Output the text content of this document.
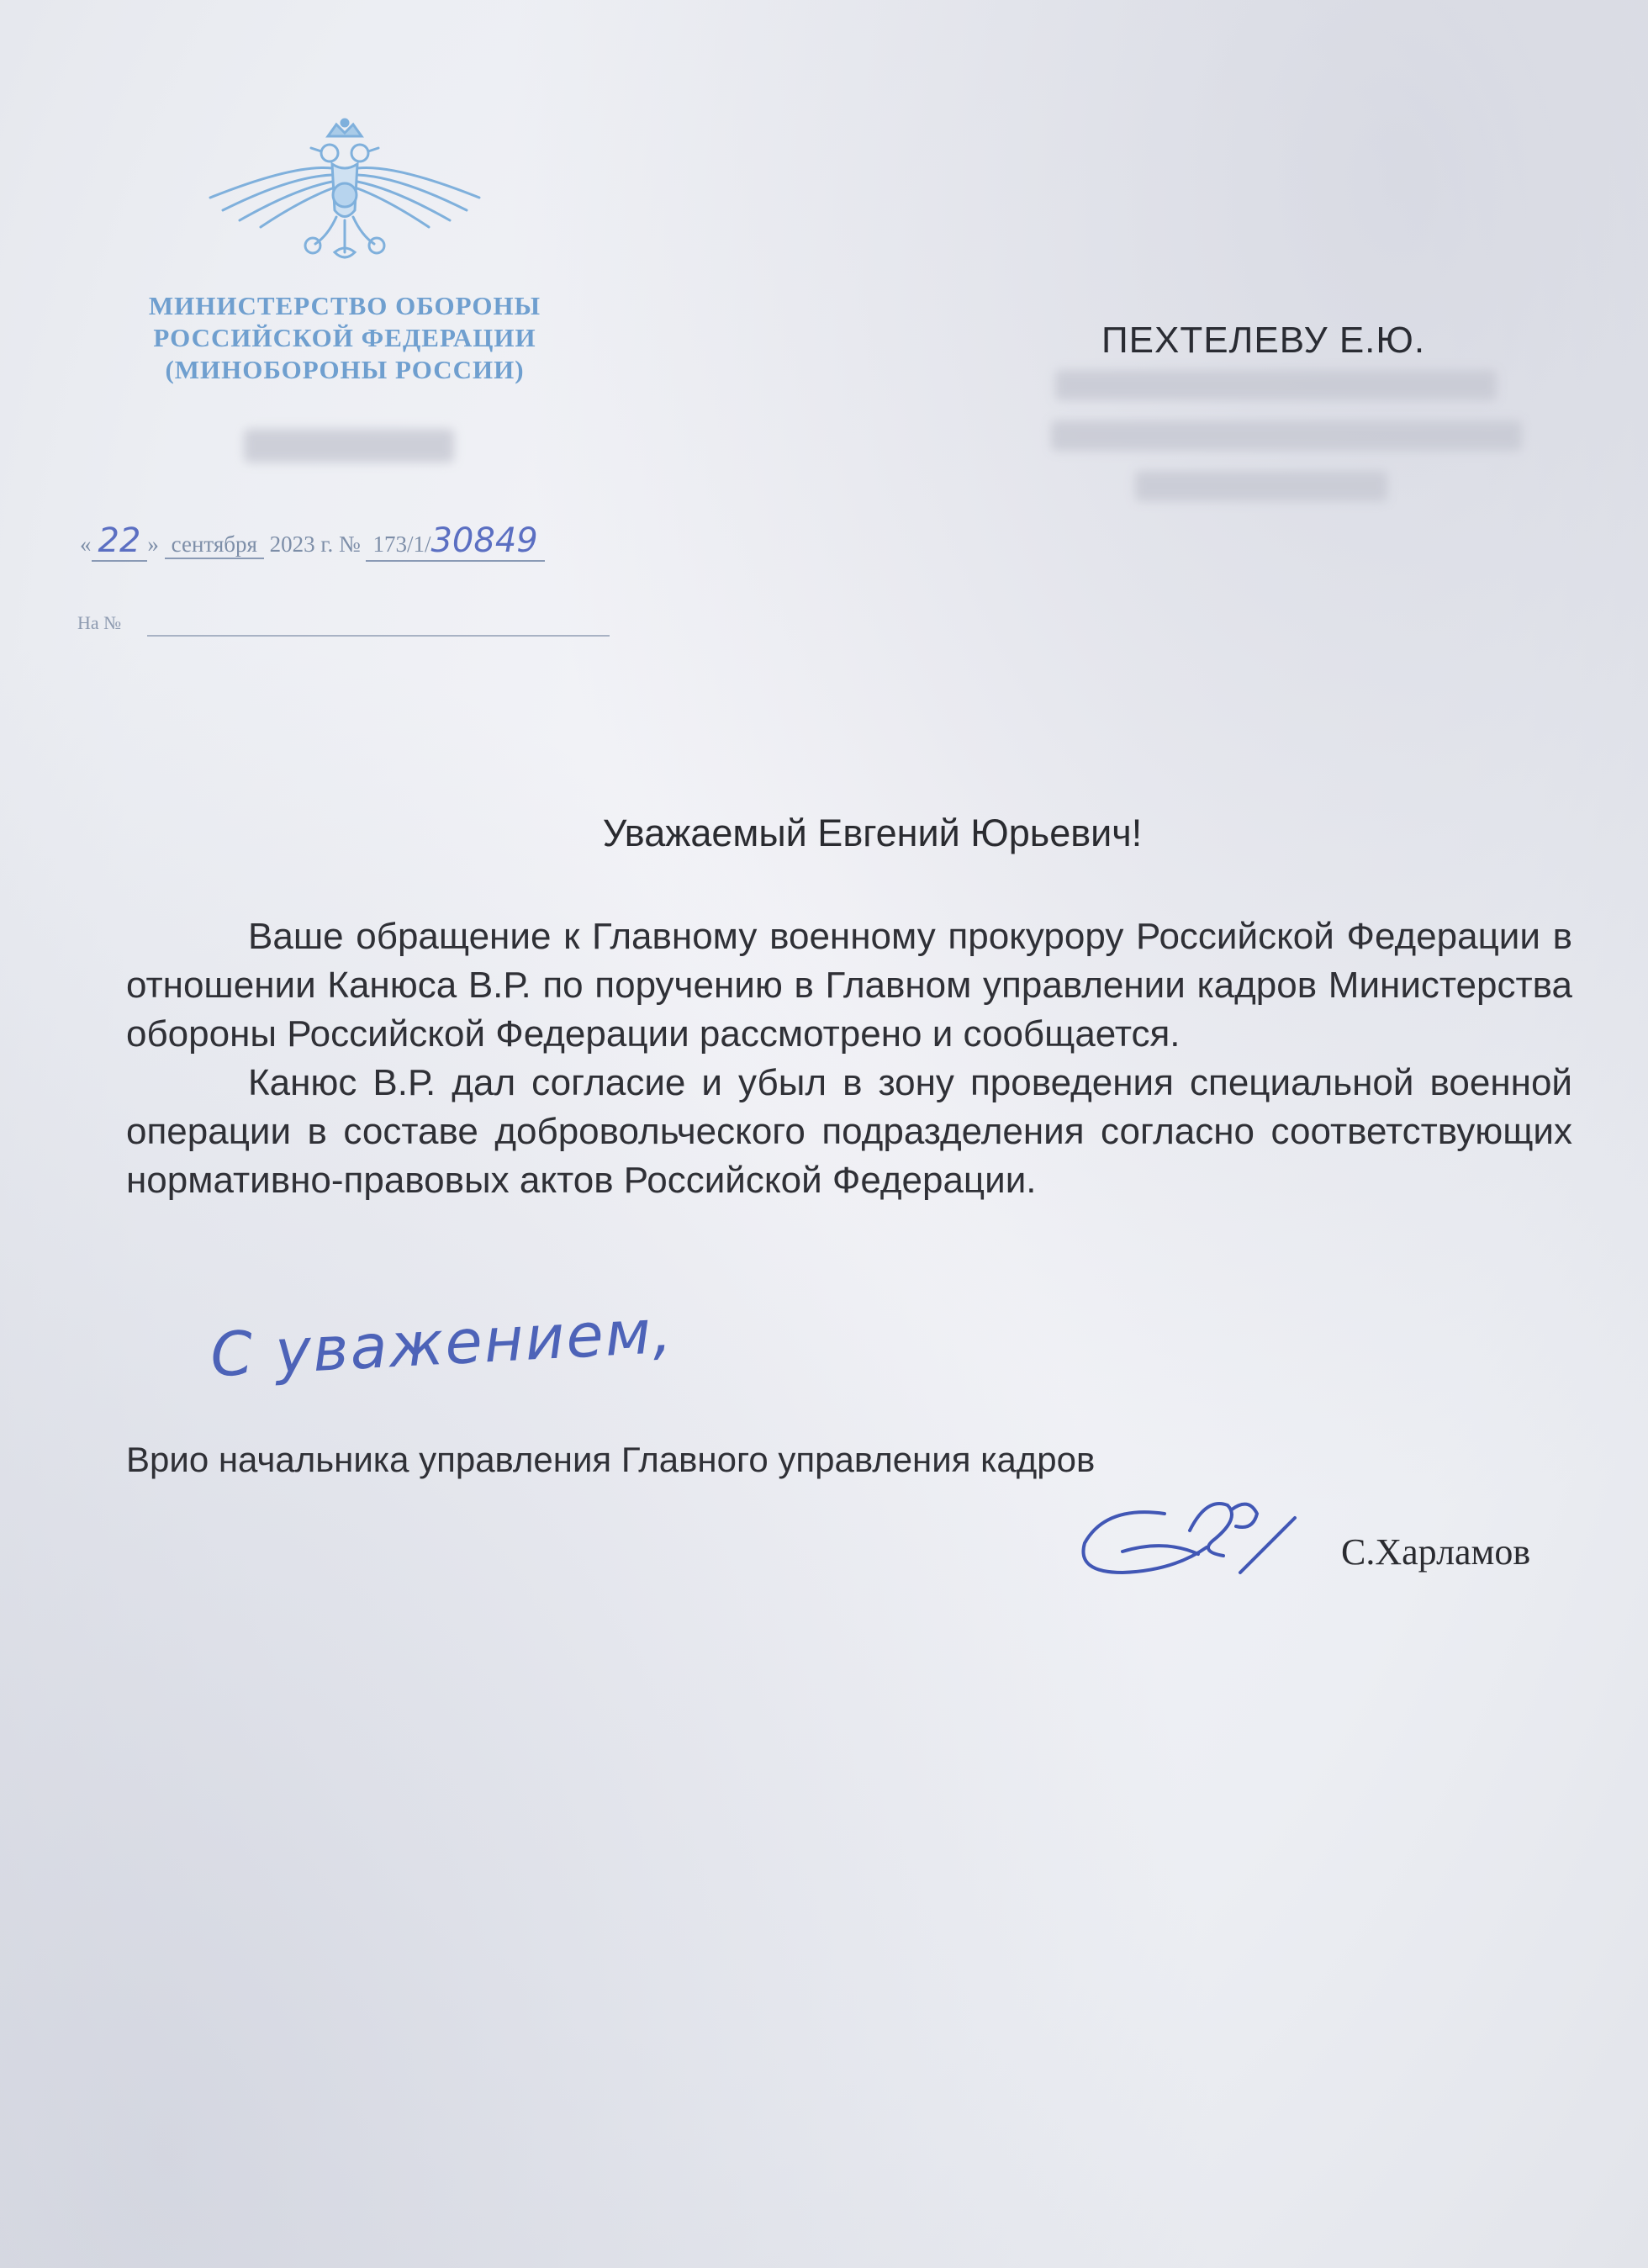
МИНИСТЕРСТВО ОБОРОНЫ
РОССИЙСКОЙ ФЕДЕРАЦИИ
(МИНОБОРОНЫ РОССИИ)
« 22 » сентября 2023 г. № 173/1/30849
На №
ПЕХТЕЛЕВУ Е.Ю.
Уважаемый Евгений Юрьевич!

Ваше обращение к Главному военному прокурору Российской Федерации в отношении Канюса В.Р. по поручению в Главном управлении кадров Министерства обороны Российской Федерации рассмотрено и сообщается.

Канюс В.Р. дал согласие и убыл в зону проведения специальной военной операции в составе добровольческого подразделения согласно соответствующих нормативно-правовых актов Российской Федерации.

С уважением,
Врио начальника управления Главного управления кадров
С.Харламов
